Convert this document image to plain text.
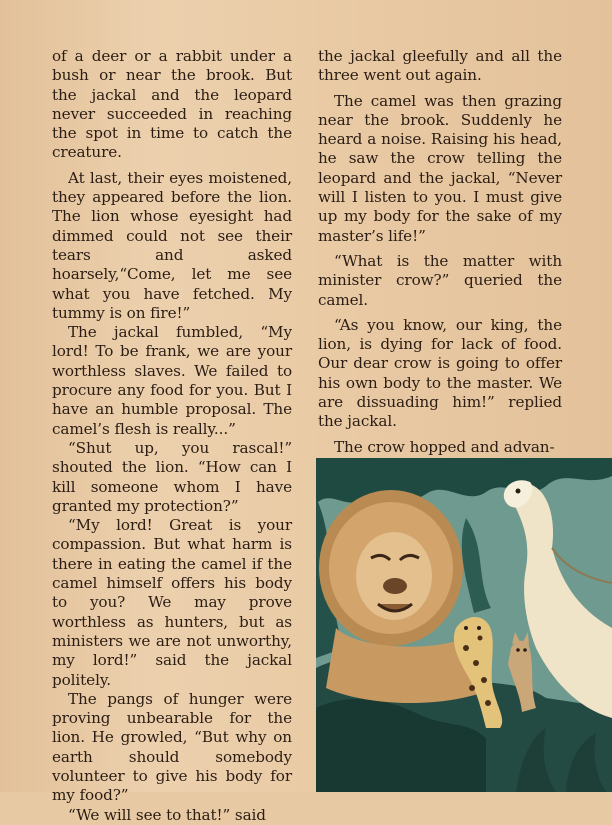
of a deer or a rabbit under a bush or near the brook. But the jackal and the leopard never succeeded in reaching the spot in time to catch the creature.

At last, their eyes moistened, they appeared before the lion. The lion whose eyesight had dimmed could not see their tears and asked hoarsely,“Come, let me see what you have fetched. My tummy is on fire!”

The jackal fumbled, “My lord! To be frank, we are your worthless slaves. We failed to procure any food for you. But I have an humble proposal. The camel’s flesh is really...”

“Shut up, you rascal!” shouted the lion. “How can I kill someone whom I have granted my protection?”

“My lord! Great is your compassion. But what harm is there in eating the camel if the camel himself offers his body to you? We may prove worthless as hunters, but as ministers we are not unworthy, my lord!” said the jackal politely.

The pangs of hunger were proving unbearable for the lion. He growled, “But why on earth should somebody volunteer to give his body for my food?”

“We will see to that!” said

the jackal gleefully and all the three went out again.

The camel was then grazing near the brook. Suddenly he heard a noise. Raising his head, he saw the crow telling the leopard and the jackal, “Never will I listen to you. I must give up my body for the sake of my master’s life!”

“What is the matter with minister crow?” queried the camel.

“As you know, our king, the lion, is dying for lack of food. Our dear crow is going to offer his own body to the master. We are dissuading him!” replied the jackal.

The crow hopped and advan-
